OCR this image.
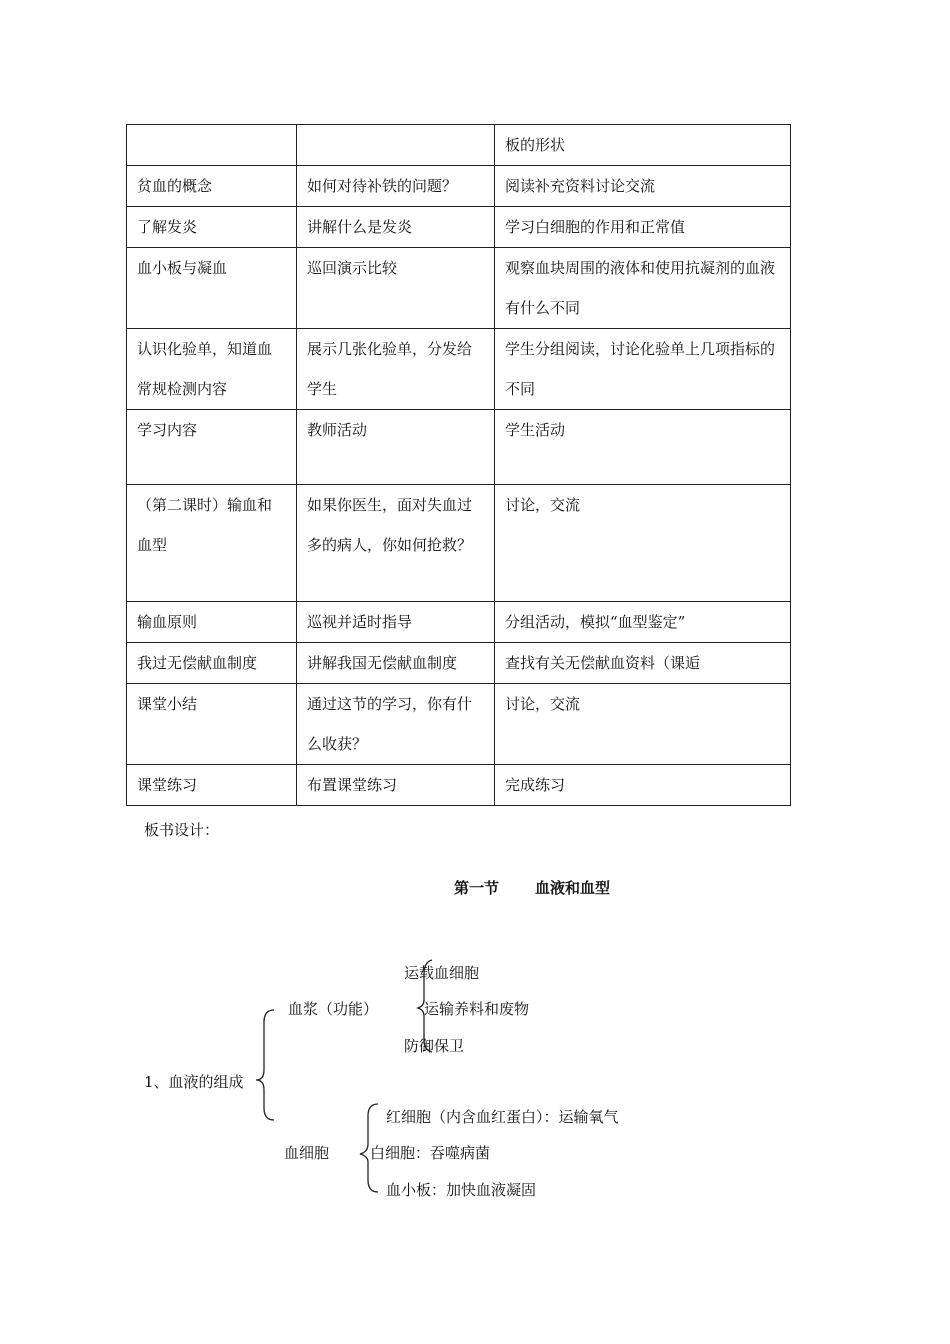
		板的形状
贫血的概念	如何对待补铁的问题？	阅读补充资料讨论交流
了解发炎	讲解什么是发炎	学习白细胞的作用和正常值
血小板与凝血	巡回演示比较	观察血块周围的液体和使用抗凝剂的血液有什么不同
认识化验单，知道血常规检测内容	展示几张化验单，分发给学生	学生分组阅读，讨论化验单上几项指标的不同
学习内容	教师活动	学生活动
（第二课时）输血和血型	如果你医生，面对失血过多的病人，你如何抢救？	讨论，交流
输血原则	巡视并适时指导	分组活动，模拟“血型鉴定”
我过无偿献血制度	讲解我国无偿献血制度	查找有关无偿献血资料（课逅
课堂小结	通过这节的学习，你有什么收获？	讨论，交流
课堂练习	布置课堂练习	完成练习
板书设计：
第一节 血液和血型
1、血液的组成
血浆（功能）
运载血细胞
运输养料和废物
防御保卫
血细胞
红细胞（内含血红蛋白）：运输氧气
白细胞：吞噬病菌
血小板：加快血液凝固
